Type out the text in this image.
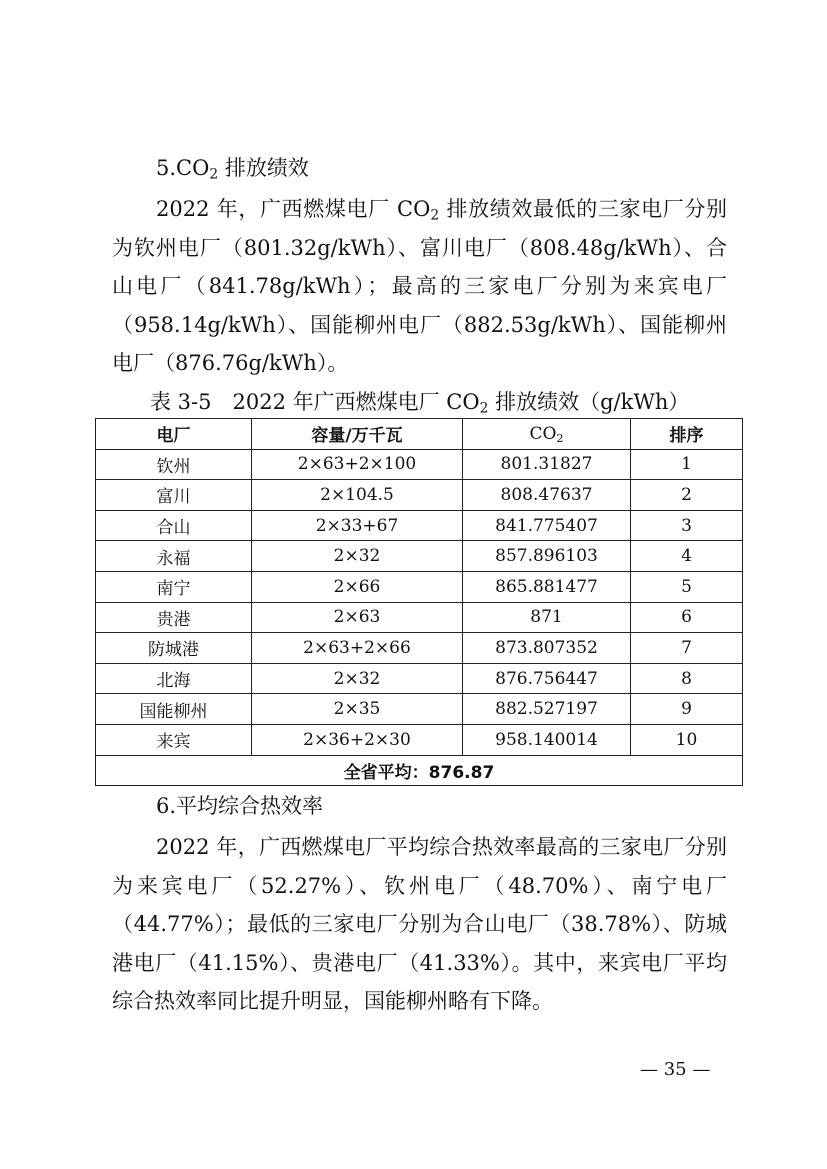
$5.CO_2$ 排放绩效
2022 年，广西燃煤电厂 $CO_2$ 排放绩效最低的三家电厂分别为钦州电厂（801.32g/kWh）、富川电厂（808.48g/kWh）、合山电厂（841.78g/kWh）；最高的三家电厂分别为来宾电厂（958.14g/kWh）、国能柳州电厂（882.53g/kWh）、国能柳州电厂（876.76g/kWh）。
表 3-5　2022 年广西燃煤电厂 $CO_2$ 排放绩效（g/kWh）
电厂	容量/万千瓦	$CO_2$	排序
钦州	2×63+2×100	801.31827	1
富川	2×104.5	808.47637	2
合山	2×33+67	841.775407	3
永福	2×32	857.896103	4
南宁	2×66	865.881477	5
贵港	2×63	871	6
防城港	2×63+2×66	873.807352	7
北海	2×32	876.756447	8
国能柳州	2×35	882.527197	9
来宾	2×36+2×30	958.140014	10
全省平均：876.87			
6.平均综合热效率
2022 年，广西燃煤电厂平均综合热效率最高的三家电厂分别为来宾电厂（52.27%）、钦州电厂（48.70%）、南宁电厂（44.77%）；最低的三家电厂分别为合山电厂（38.78%）、防城港电厂（41.15%）、贵港电厂（41.33%）。其中，来宾电厂平均综合热效率同比提升明显，国能柳州略有下降。
— 35 —
